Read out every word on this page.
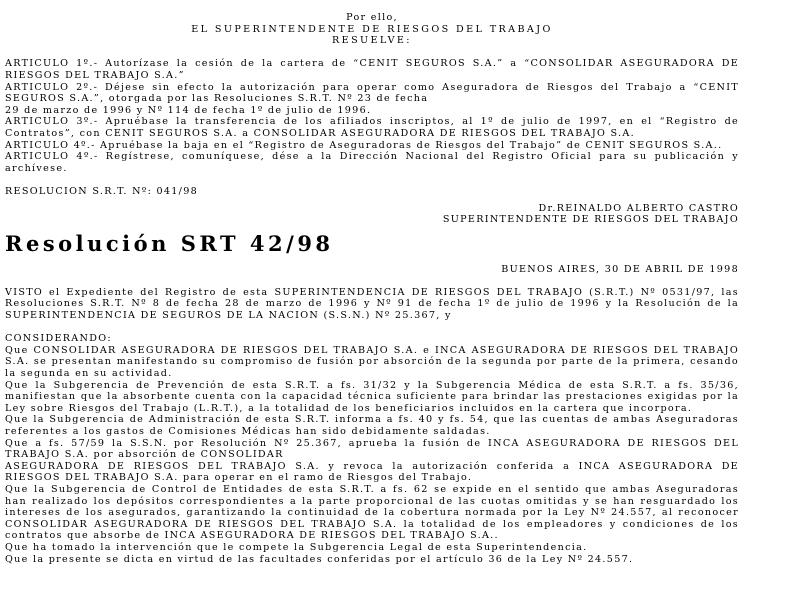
Por ello,

EL SUPERINTENDENTE DE RIESGOS DEL TRABAJO

RESUELVE:

ARTICULO 1º.- Autorízase la cesión de la cartera de “CENIT SEGUROS S.A.” a “CONSOLIDAR ASEGURADORA DE RIESGOS DEL TRABAJO S.A.”

ARTICULO 2º.- Déjese sin efecto la autorización para operar como Aseguradora de Riesgos del Trabajo a “CENIT SEGUROS S.A.”, otorgada por las Resoluciones S.R.T. Nº 23 de fecha

29 de marzo de 1996 y Nº 114 de fecha 1º de julio de 1996.

ARTICULO 3º.- Apruébase la transferencia de los afiliados inscriptos, al 1º de julio de 1997, en el “Registro de Contratos”, con CENIT SEGUROS S.A. a CONSOLIDAR ASEGURADORA DE RIESGOS DEL TRABAJO S.A.

ARTICULO 4º.- Apruébase la baja en el “Registro de Aseguradoras de Riesgos del Trabajo” de CENIT SEGUROS S.A..

ARTICULO 4º.- Regístrese, comuníquese, dése a la Dirección Nacional del Registro Oficial para su publicación y archívese.

RESOLUCION S.R.T. Nº: 041/98

Dr.REINALDO ALBERTO CASTRO

SUPERINTENDENTE DE RIESGOS DEL TRABAJO

Resolución SRT 42/98

BUENOS AIRES, 30 DE ABRIL DE 1998

VISTO el Expediente del Registro de esta SUPERINTENDENCIA DE RIESGOS DEL TRABAJO (S.R.T.) Nº 0531/97, las Resoluciones S.R.T. Nº 8 de fecha 28 de marzo de 1996 y Nº 91 de fecha 1º de julio de 1996 y la Resolución de la SUPERINTENDENCIA DE SEGUROS DE LA NACION (S.S.N.) Nº 25.367, y

CONSIDERANDO:

Que CONSOLIDAR ASEGURADORA DE RIESGOS DEL TRABAJO S.A. e INCA ASEGURADORA DE RIESGOS DEL TRABAJO S.A. se presentan manifestando su compromiso de fusión por absorción de la segunda por parte de la primera, cesando la segunda en su actividad.

Que la Subgerencia de Prevención de esta S.R.T. a fs. 31/32 y la Subgerencia Médica de esta S.R.T. a fs. 35/36, manifiestan que la absorbente cuenta con la capacidad técnica suficiente para brindar las prestaciones exigidas por la Ley sobre Riesgos del Trabajo (L.R.T.), a la totalidad de los beneficiarios incluidos en la cartera que incorpora.

Que la Subgerencia de Administración de esta S.R.T. informa a fs. 40 y fs. 54, que las cuentas de ambas Aseguradoras referentes a los gastos de Comisiones Médicas han sido debidamente saldadas.

Que a fs. 57/59 la S.S.N. por Resolución Nº 25.367, aprueba la fusión de INCA ASEGURADORA DE RIESGOS DEL TRABAJO S.A. por absorción de CONSOLIDAR

ASEGURADORA DE RIESGOS DEL TRABAJO S.A. y revoca la autorización conferida a INCA ASEGURADORA DE RIESGOS DEL TRABAJO S.A. para operar en el ramo de Riesgos del Trabajo.

Que la Subgerencia de Control de Entidades de esta S.R.T. a fs. 62 se expide en el sentido que ambas Aseguradoras han realizado los depósitos correspondientes a la parte proporcional de las cuotas omitidas y se han resguardado los intereses de los asegurados, garantizando la continuidad de la cobertura normada por la Ley Nº 24.557, al reconocer CONSOLIDAR ASEGURADORA DE RIESGOS DEL TRABAJO S.A. la totalidad de los empleadores y condiciones de los contratos que absorbe de INCA ASEGURADORA DE RIESGOS DEL TRABAJO S.A..

Que ha tomado la intervención que le compete la Subgerencia Legal de esta Superintendencia.

Que la presente se dicta en virtud de las facultades conferidas por el artículo 36 de la Ley Nº 24.557.
